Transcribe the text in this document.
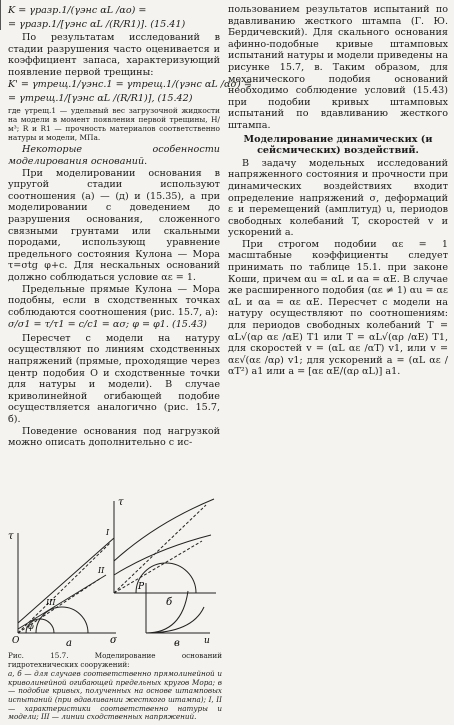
K = γразр.1/(γэнс αL /αо) =
= γразр.1/[γэнс αL /(R/R1)]. (15.41)

По результатам исследований в стадии разрушения часто оценивается и коэффициент запаса, характеризующий появление первой трещины:

K' = γтрещ.1/γэнс.1 = γтрещ.1/(γэнс αL /ασ) =
= γтрещ.1/[γэнс αL /(R/R1)], (15.42)

где γтрещ.1 — удельный вес загрузочной жидкости на модели в момент появления первой трещины, Н/м³; R и R1 — прочность материалов соответственно натуры и модели, МПа.

Некоторые особенности моделирования оснований.

При моделировании основания в упругой стадии используют соотношения (а) — (д) и (15.35), а при моделировании с доведением до разрушения основания, сложенного связными грунтами или скальными породами, использующ уравнение предельного состояния Кулона — Мора τ=σtg φ+c. Для нескальных оснований должно соблюдаться условие αε = 1.

Предельные прямые Кулона — Мора подобны, если в сходственных точках соблюдаются соотношения (рис. 15.7, а):

σ/σ1 = τ/τ1 = c/c1 = ασ; φ = φ1. (15.43)

Пересчет с модели на натуру осуществляют по линиям сходственных напряжений (прямые, проходящие через центр подобия O и сходственные точки для натуры и модели). В случае криволинейной огибающей подобие осуществляется аналогично (рис. 15.7, б).

Поведение основания под нагрузкой можно описать дополнительно с ис-

пользованием результатов испытаний по вдавливанию жесткого штампа (Г. Ю. Бердичевский). Для скального основания афинно-подобные кривые штамповых испытаний натуры и модели приведены на рисунке 15.7, в. Таким образом, для механического подобия оснований необходимо соблюдение условий (15.43) при подобии кривых штамповых испытаний по вдавливанию жесткого штампа.

Моделирование динамических (и сейсмических) воздействий.

В задачу модельных исследований напряженного состояния и прочности при динамических воздействиях входит определение напряжений σ, деформаций ε и перемещений (амплитуд) u, периодов свободных колебаний T, скоростей v и ускорений a.

При строгом подобии αε = 1 масштабные коэффициенты следует принимать по таблице 15.1. при законе Коши, причем αu = αL и αa = αE. В случае же расширенного подобия (αε ≠ 1) αu = αε αL и αa = αε αE. Пересчет с модели на натуру осуществляют по соотношениям: для периодов свободных колебаний T = αL√(αρ αε /αE) T1 или T = αL√(αρ /αE) T1, для скоростей v = (αL αε /αT) v1, или v = αε√(αε /αρ) v1; для ускорений a = (αL αε /αT²) a1 или a = [αε αE/(αρ αL)] a1.

τ
σ
O	а
I
II
III
φ
τ
б
P
u
в
Рис. 15.7. Моделирование оснований гидротехнических сооружений:
а, б — для случаев соответственно прямолинейной и криволинейной огибающей предельных кругов Мора; в — подобие кривых, полученных на основе штамповых испытаний (при вдавливании жесткого штампа); I, II — характеристики соответственно натуры и модели; III — линии сходственных напряжений.
